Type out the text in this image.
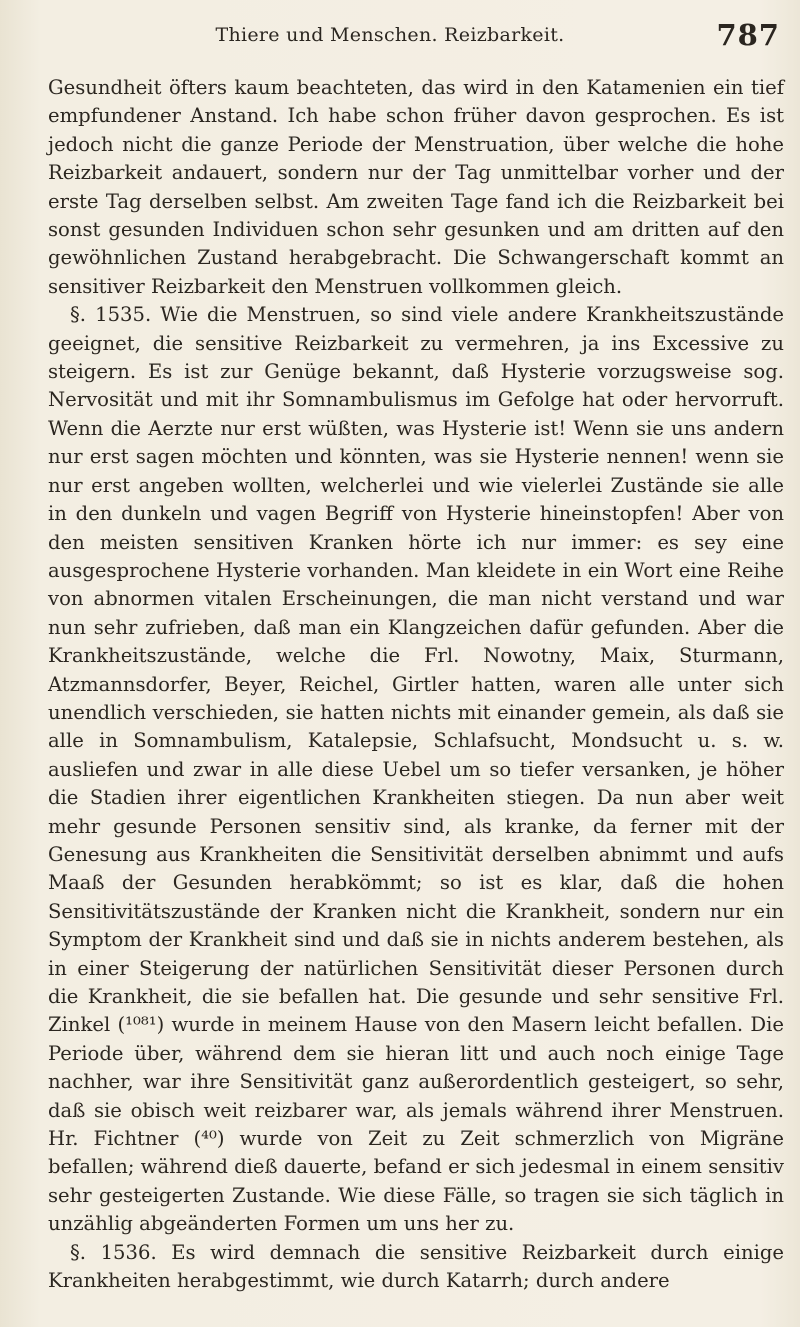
Thiere und Menschen. Reizbarkeit.	787

Gesundheit öfters kaum beachteten, das wird in den Katamenien ein tief empfundener Anstand. Ich habe schon früher davon gesprochen. Es ist jedoch nicht die ganze Periode der Menstruation, über welche die hohe Reizbarkeit andauert, sondern nur der Tag unmittelbar vorher und der erste Tag derselben selbst. Am zweiten Tage fand ich die Reizbarkeit bei sonst gesunden Individuen schon sehr gesunken und am dritten auf den gewöhnlichen Zustand herabgebracht. Die Schwangerschaft kommt an sensitiver Reizbarkeit den Menstruen vollkommen gleich.

§. 1535. Wie die Menstruen, so sind viele andere Krankheitszustände geeignet, die sensitive Reizbarkeit zu vermehren, ja ins Excessive zu steigern. Es ist zur Genüge bekannt, daß Hysterie vorzugsweise sog. Nervosität und mit ihr Somnambulismus im Gefolge hat oder hervorruft. Wenn die Aerzte nur erst wüßten, was Hysterie ist! Wenn sie uns andern nur erst sagen möchten und könnten, was sie Hysterie nennen! wenn sie nur erst angeben wollten, welcherlei und wie vielerlei Zustände sie alle in den dunkeln und vagen Begriff von Hysterie hineinstopfen! Aber von den meisten sensitiven Kranken hörte ich nur immer: es sey eine ausgesprochene Hysterie vorhanden. Man kleidete in ein Wort eine Reihe von abnormen vitalen Erscheinungen, die man nicht verstand und war nun sehr zufrieben, daß man ein Klangzeichen dafür gefunden. Aber die Krankheitszustände, welche die Frl. Nowotny, Maix, Sturmann, Atzmannsdorfer, Beyer, Reichel, Girtler hatten, waren alle unter sich unendlich verschieden, sie hatten nichts mit einander gemein, als daß sie alle in Somnambulism, Katalepsie, Schlafsucht, Mondsucht u. s. w. ausliefen und zwar in alle diese Uebel um so tiefer versanken, je höher die Stadien ihrer eigentlichen Krankheiten stiegen. Da nun aber weit mehr gesunde Personen sensitiv sind, als kranke, da ferner mit der Genesung aus Krankheiten die Sensitivität derselben abnimmt und aufs Maaß der Gesunden herabkömmt; so ist es klar, daß die hohen Sensitivitätszustände der Kranken nicht die Krankheit, sondern nur ein Symptom der Krankheit sind und daß sie in nichts anderem bestehen, als in einer Steigerung der natürlichen Sensitivität dieser Personen durch die Krankheit, die sie befallen hat. Die gesunde und sehr sensitive Frl. Zinkel (¹⁰⁸¹) wurde in meinem Hause von den Masern leicht befallen. Die Periode über, während dem sie hieran litt und auch noch einige Tage nachher, war ihre Sensitivität ganz außerordentlich gesteigert, so sehr, daß sie obisch weit reizbarer war, als jemals während ihrer Menstruen. Hr. Fichtner (⁴⁰) wurde von Zeit zu Zeit schmerzlich von Migräne befallen; während dieß dauerte, befand er sich jedesmal in einem sensitiv sehr gesteigerten Zustande. Wie diese Fälle, so tragen sie sich täglich in unzählig abgeänderten Formen um uns her zu.

§. 1536. Es wird demnach die sensitive Reizbarkeit durch einige Krankheiten herabgestimmt, wie durch Katarrh; durch andere
